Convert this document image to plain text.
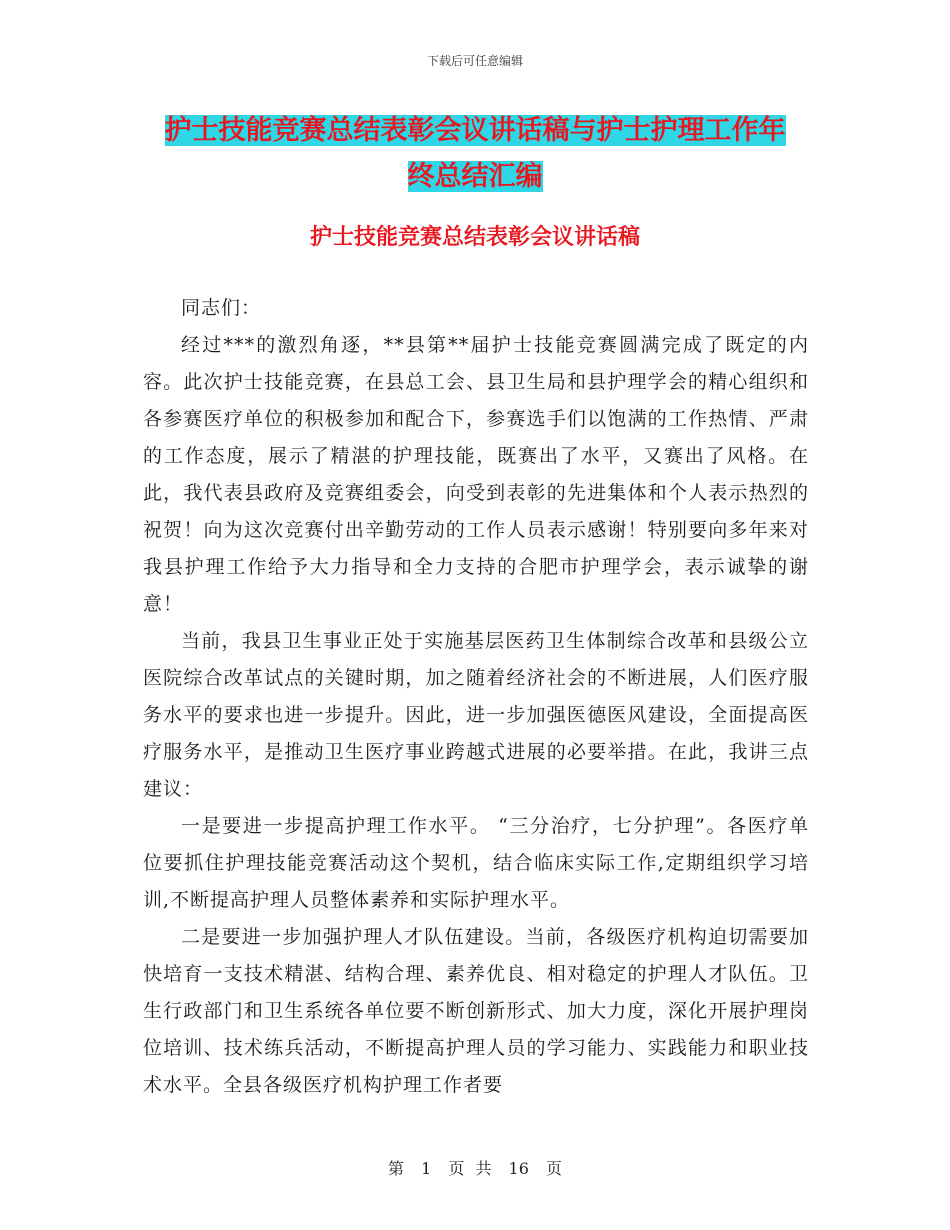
下载后可任意编辑
护士技能竞赛总结表彰会议讲话稿与护士护理工作年
终总结汇编
护士技能竞赛总结表彰会议讲话稿

同志们：

经过***的激烈角逐，**县第**届护士技能竞赛圆满完成了既定的内容。此次护士技能竞赛，在县总工会、县卫生局和县护理学会的精心组织和各参赛医疗单位的积极参加和配合下，参赛选手们以饱满的工作热情、严肃的工作态度，展示了精湛的护理技能，既赛出了水平，又赛出了风格。在此，我代表县政府及竞赛组委会，向受到表彰的先进集体和个人表示热烈的祝贺！向为这次竞赛付出辛勤劳动的工作人员表示感谢！特别要向多年来对我县护理工作给予大力指导和全力支持的合肥市护理学会，表示诚挚的谢意！

当前，我县卫生事业正处于实施基层医药卫生体制综合改革和县级公立医院综合改革试点的关键时期，加之随着经济社会的不断进展，人们医疗服务水平的要求也进一步提升。因此，进一步加强医德医风建设，全面提高医疗服务水平，是推动卫生医疗事业跨越式进展的必要举措。在此，我讲三点建议：

一是要进一步提高护理工作水平。 “三分治疗，七分护理”。各医疗单位要抓住护理技能竞赛活动这个契机，结合临床实际工作,定期组织学习培训,不断提高护理人员整体素养和实际护理水平。

二是要进一步加强护理人才队伍建设。当前，各级医疗机构迫切需要加快培育一支技术精湛、结构合理、素养优良、相对稳定的护理人才队伍。卫生行政部门和卫生系统各单位要不断创新形式、加大力度，深化开展护理岗位培训、技术练兵活动，不断提高护理人员的学习能力、实践能力和职业技术水平。全县各级医疗机构护理工作者要

第 1 页 共 16 页
